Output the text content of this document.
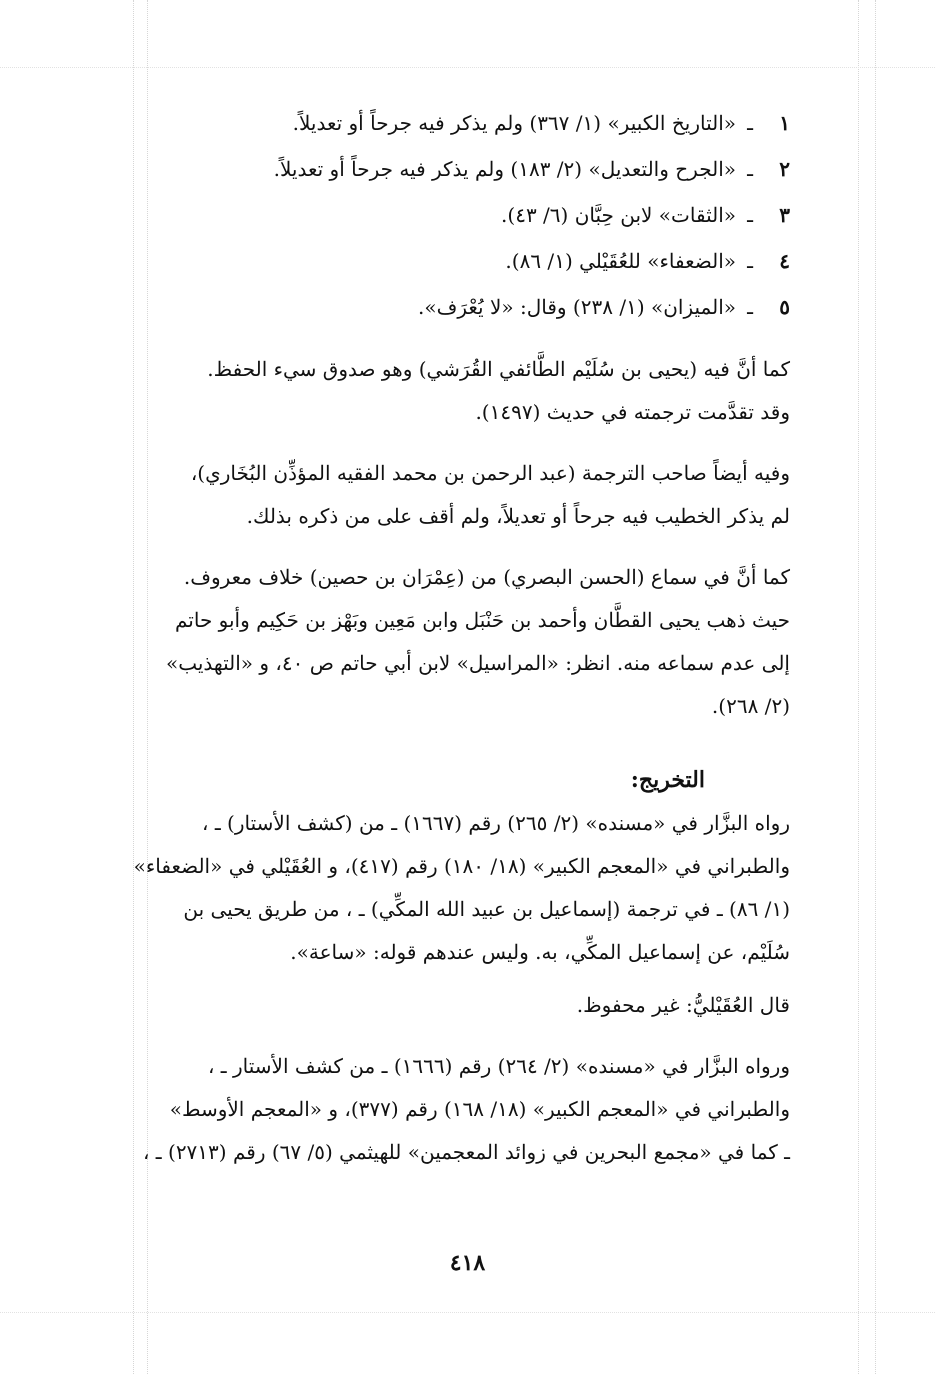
١ـ«التاريخ الكبير» (١/ ٣٦٧) ولم يذكر فيه جرحاً أو تعديلاً.
٢ـ«الجرح والتعديل» (٢/ ١٨٣) ولم يذكر فيه جرحاً أو تعديلاً.
٣ـ«الثقات» لابن حِبَّان (٦/ ٤٣).
٤ـ«الضعفاء» للعُقَيْلي (١/ ٨٦).
٥ـ«الميزان» (١/ ٢٣٨) وقال: «لا يُعْرَف».
كما أنَّ فيه (يحيى بن سُلَيْم الطَّائفي القُرَشي) وهو صدوق سيء الحفظ.
وقد تقدَّمت ترجمته في حديث (١٤٩٧).
وفيه أيضاً صاحب الترجمة (عبد الرحمن بن محمد الفقيه المؤذِّن البُخَاري)،
لم يذكر الخطيب فيه جرحاً أو تعديلاً، ولم أقف على من ذكره بذلك.
كما أنَّ في سماع (الحسن البصري) من (عِمْرَان بن حصين) خلاف معروف.
حيث ذهب يحيى القطَّان وأحمد بن حَنْبَل وابن مَعِين وبَهْز بن حَكِيم وأبو حاتم
إلى عدم سماعه منه. انظر: «المراسيل» لابن أبي حاتم ص ٤٠، و «التهذيب»
(٢/ ٢٦٨).
التخريج:
رواه البزَّار في «مسنده» (٢/ ٢٦٥) رقم (١٦٦٧) ـ من (كشف الأستار) ـ ،
والطبراني في «المعجم الكبير» (١٨/ ١٨٠) رقم (٤١٧)، و العُقَيْلي في «الضعفاء»
(١/ ٨٦) ـ في ترجمة (إسماعيل بن عبيد الله المكِّي) ـ ، من طريق يحيى بن
سُلَيْم، عن إسماعيل المكِّي، به. وليس عندهم قوله: «ساعة».
قال العُقَيْليُّ: غير محفوظ.
ورواه البزَّار في «مسنده» (٢/ ٢٦٤) رقم (١٦٦٦) ـ من كشف الأستار ـ ،
والطبراني في «المعجم الكبير» (١٨/ ١٦٨) رقم (٣٧٧)، و «المعجم الأوسط»
ـ كما في «مجمع البحرين في زوائد المعجمين» للهيثمي (٥/ ٦٧) رقم (٢٧١٣) ـ ،
٤١٨
